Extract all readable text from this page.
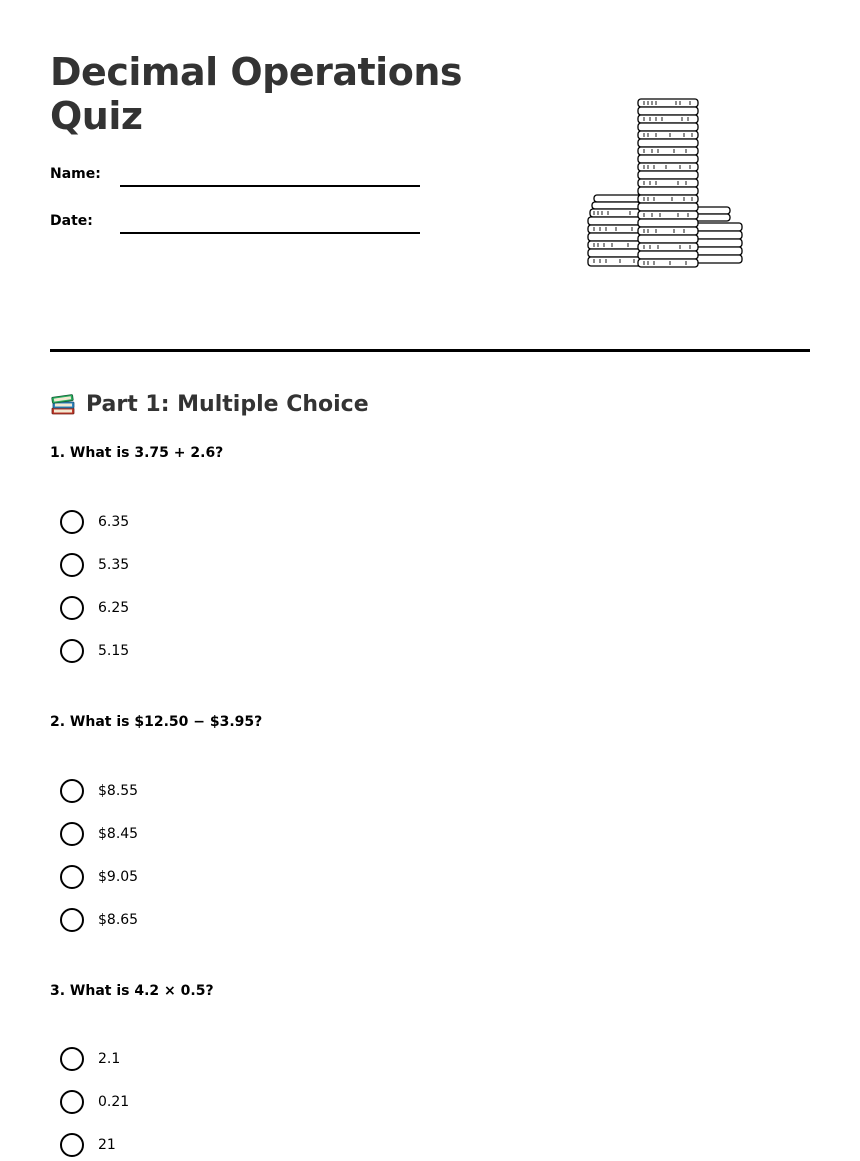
Decimal Operations Quiz
Name:
Date:
Part 1: Multiple Choice
1. What is 3.75 + 2.6?
6.35
5.35
6.25
5.15
2. What is $12.50 − $3.95?
$8.55
$8.45
$9.05
$8.65
3. What is 4.2 × 0.5?
2.1
0.21
21
